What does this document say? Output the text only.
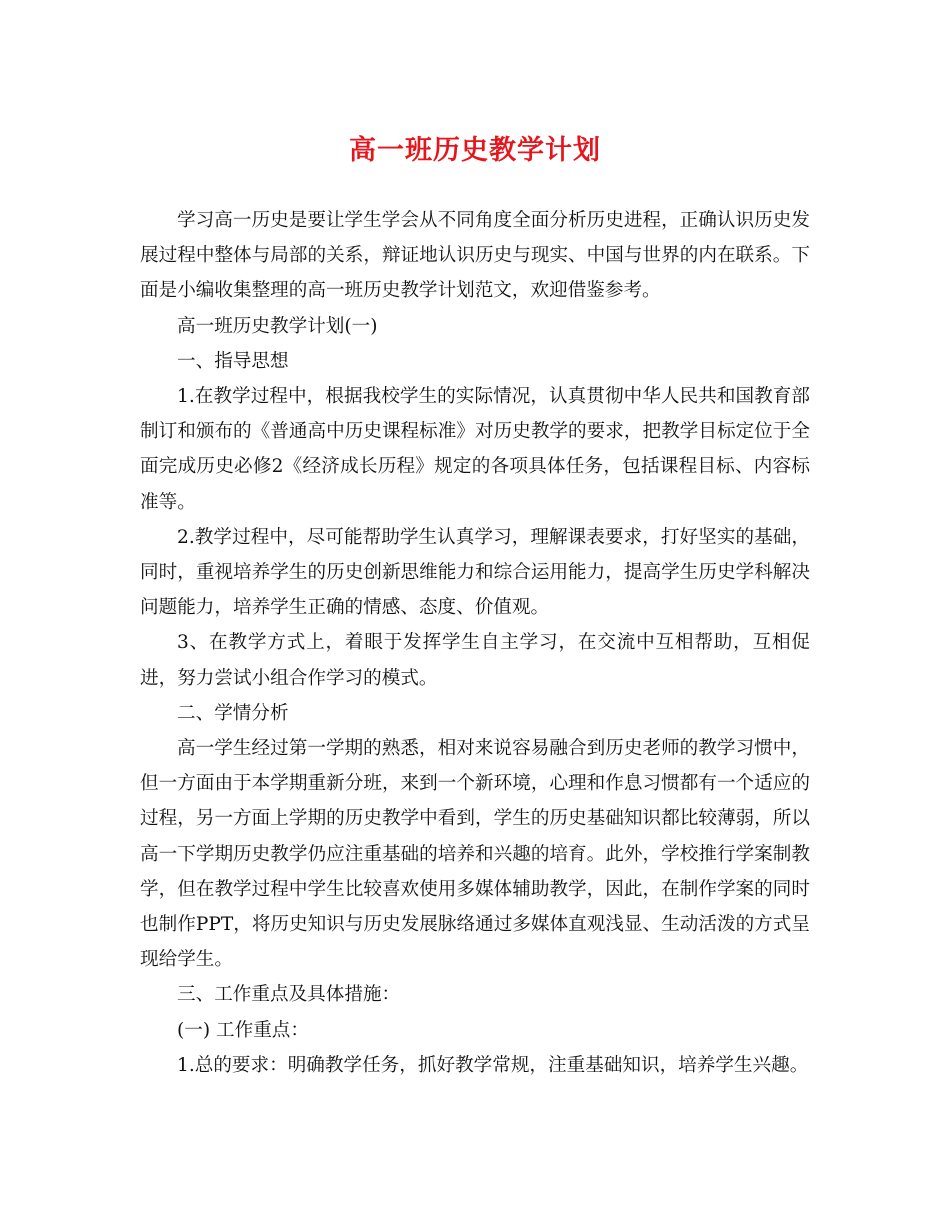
高一班历史教学计划

学习高一历史是要让学生学会从不同角度全面分析历史进程，正确认识历史发展过程中整体与局部的关系，辩证地认识历史与现实、中国与世界的内在联系。下面是小编收集整理的高一班历史教学计划范文，欢迎借鉴参考。

高一班历史教学计划(一)

一、指导思想

1.在教学过程中，根据我校学生的实际情况，认真贯彻中华人民共和国教育部制订和颁布的《普通高中历史课程标准》对历史教学的要求，把教学目标定位于全面完成历史必修2《经济成长历程》规定的各项具体任务，包括课程目标、内容标准等。

2.教学过程中，尽可能帮助学生认真学习，理解课表要求，打好坚实的基础，同时，重视培养学生的历史创新思维能力和综合运用能力，提高学生历史学科解决问题能力，培养学生正确的情感、态度、价值观。

3、在教学方式上，着眼于发挥学生自主学习，在交流中互相帮助，互相促进，努力尝试小组合作学习的模式。

二、学情分析

高一学生经过第一学期的熟悉，相对来说容易融合到历史老师的教学习惯中，但一方面由于本学期重新分班，来到一个新环境，心理和作息习惯都有一个适应的过程，另一方面上学期的历史教学中看到，学生的历史基础知识都比较薄弱，所以高一下学期历史教学仍应注重基础的培养和兴趣的培育。此外，学校推行学案制教学，但在教学过程中学生比较喜欢使用多媒体辅助教学，因此，在制作学案的同时也制作PPT，将历史知识与历史发展脉络通过多媒体直观浅显、生动活泼的方式呈现给学生。

三、工作重点及具体措施：

(一) 工作重点：

1.总的要求：明确教学任务，抓好教学常规，注重基础知识，培养学生兴趣。
